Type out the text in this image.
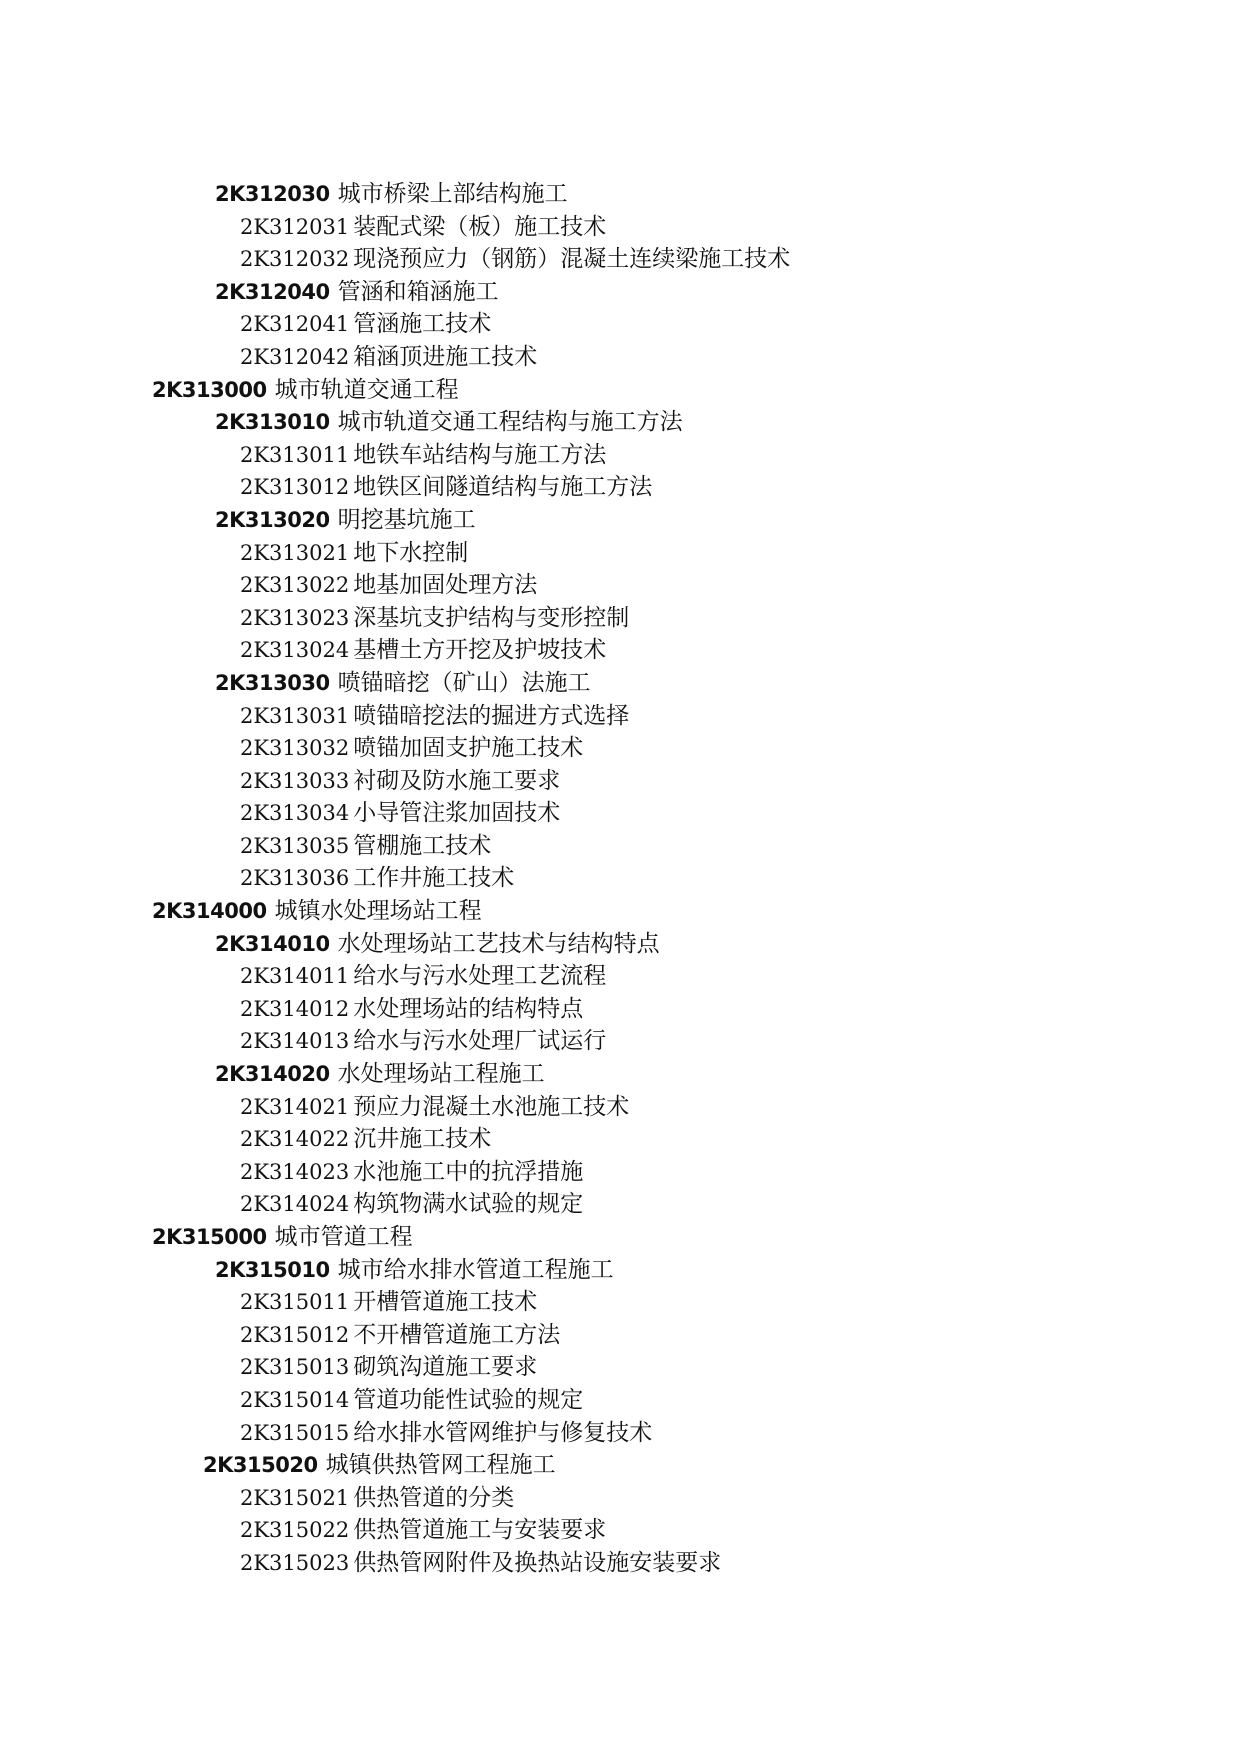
2K312030 城市桥梁上部结构施工
2K312031 装配式梁（板）施工技术
2K312032 现浇预应力（钢筋）混凝土连续梁施工技术
2K312040 管涵和箱涵施工
2K312041 管涵施工技术
2K312042 箱涵顶进施工技术
2K313000 城市轨道交通工程
2K313010 城市轨道交通工程结构与施工方法
2K313011 地铁车站结构与施工方法
2K313012 地铁区间隧道结构与施工方法
2K313020 明挖基坑施工
2K313021 地下水控制
2K313022 地基加固处理方法
2K313023 深基坑支护结构与变形控制
2K313024 基槽土方开挖及护坡技术
2K313030 喷锚暗挖（矿山）法施工
2K313031 喷锚暗挖法的掘进方式选择
2K313032 喷锚加固支护施工技术
2K313033 衬砌及防水施工要求
2K313034 小导管注浆加固技术
2K313035 管棚施工技术
2K313036 工作井施工技术
2K314000 城镇水处理场站工程
2K314010 水处理场站工艺技术与结构特点
2K314011 给水与污水处理工艺流程
2K314012 水处理场站的结构特点
2K314013 给水与污水处理厂试运行
2K314020 水处理场站工程施工
2K314021 预应力混凝土水池施工技术
2K314022 沉井施工技术
2K314023 水池施工中的抗浮措施
2K314024 构筑物满水试验的规定
2K315000 城市管道工程
2K315010 城市给水排水管道工程施工
2K315011 开槽管道施工技术
2K315012 不开槽管道施工方法
2K315013 砌筑沟道施工要求
2K315014 管道功能性试验的规定
2K315015 给水排水管网维护与修复技术
2K315020 城镇供热管网工程施工
2K315021 供热管道的分类
2K315022 供热管道施工与安装要求
2K315023 供热管网附件及换热站设施安装要求
